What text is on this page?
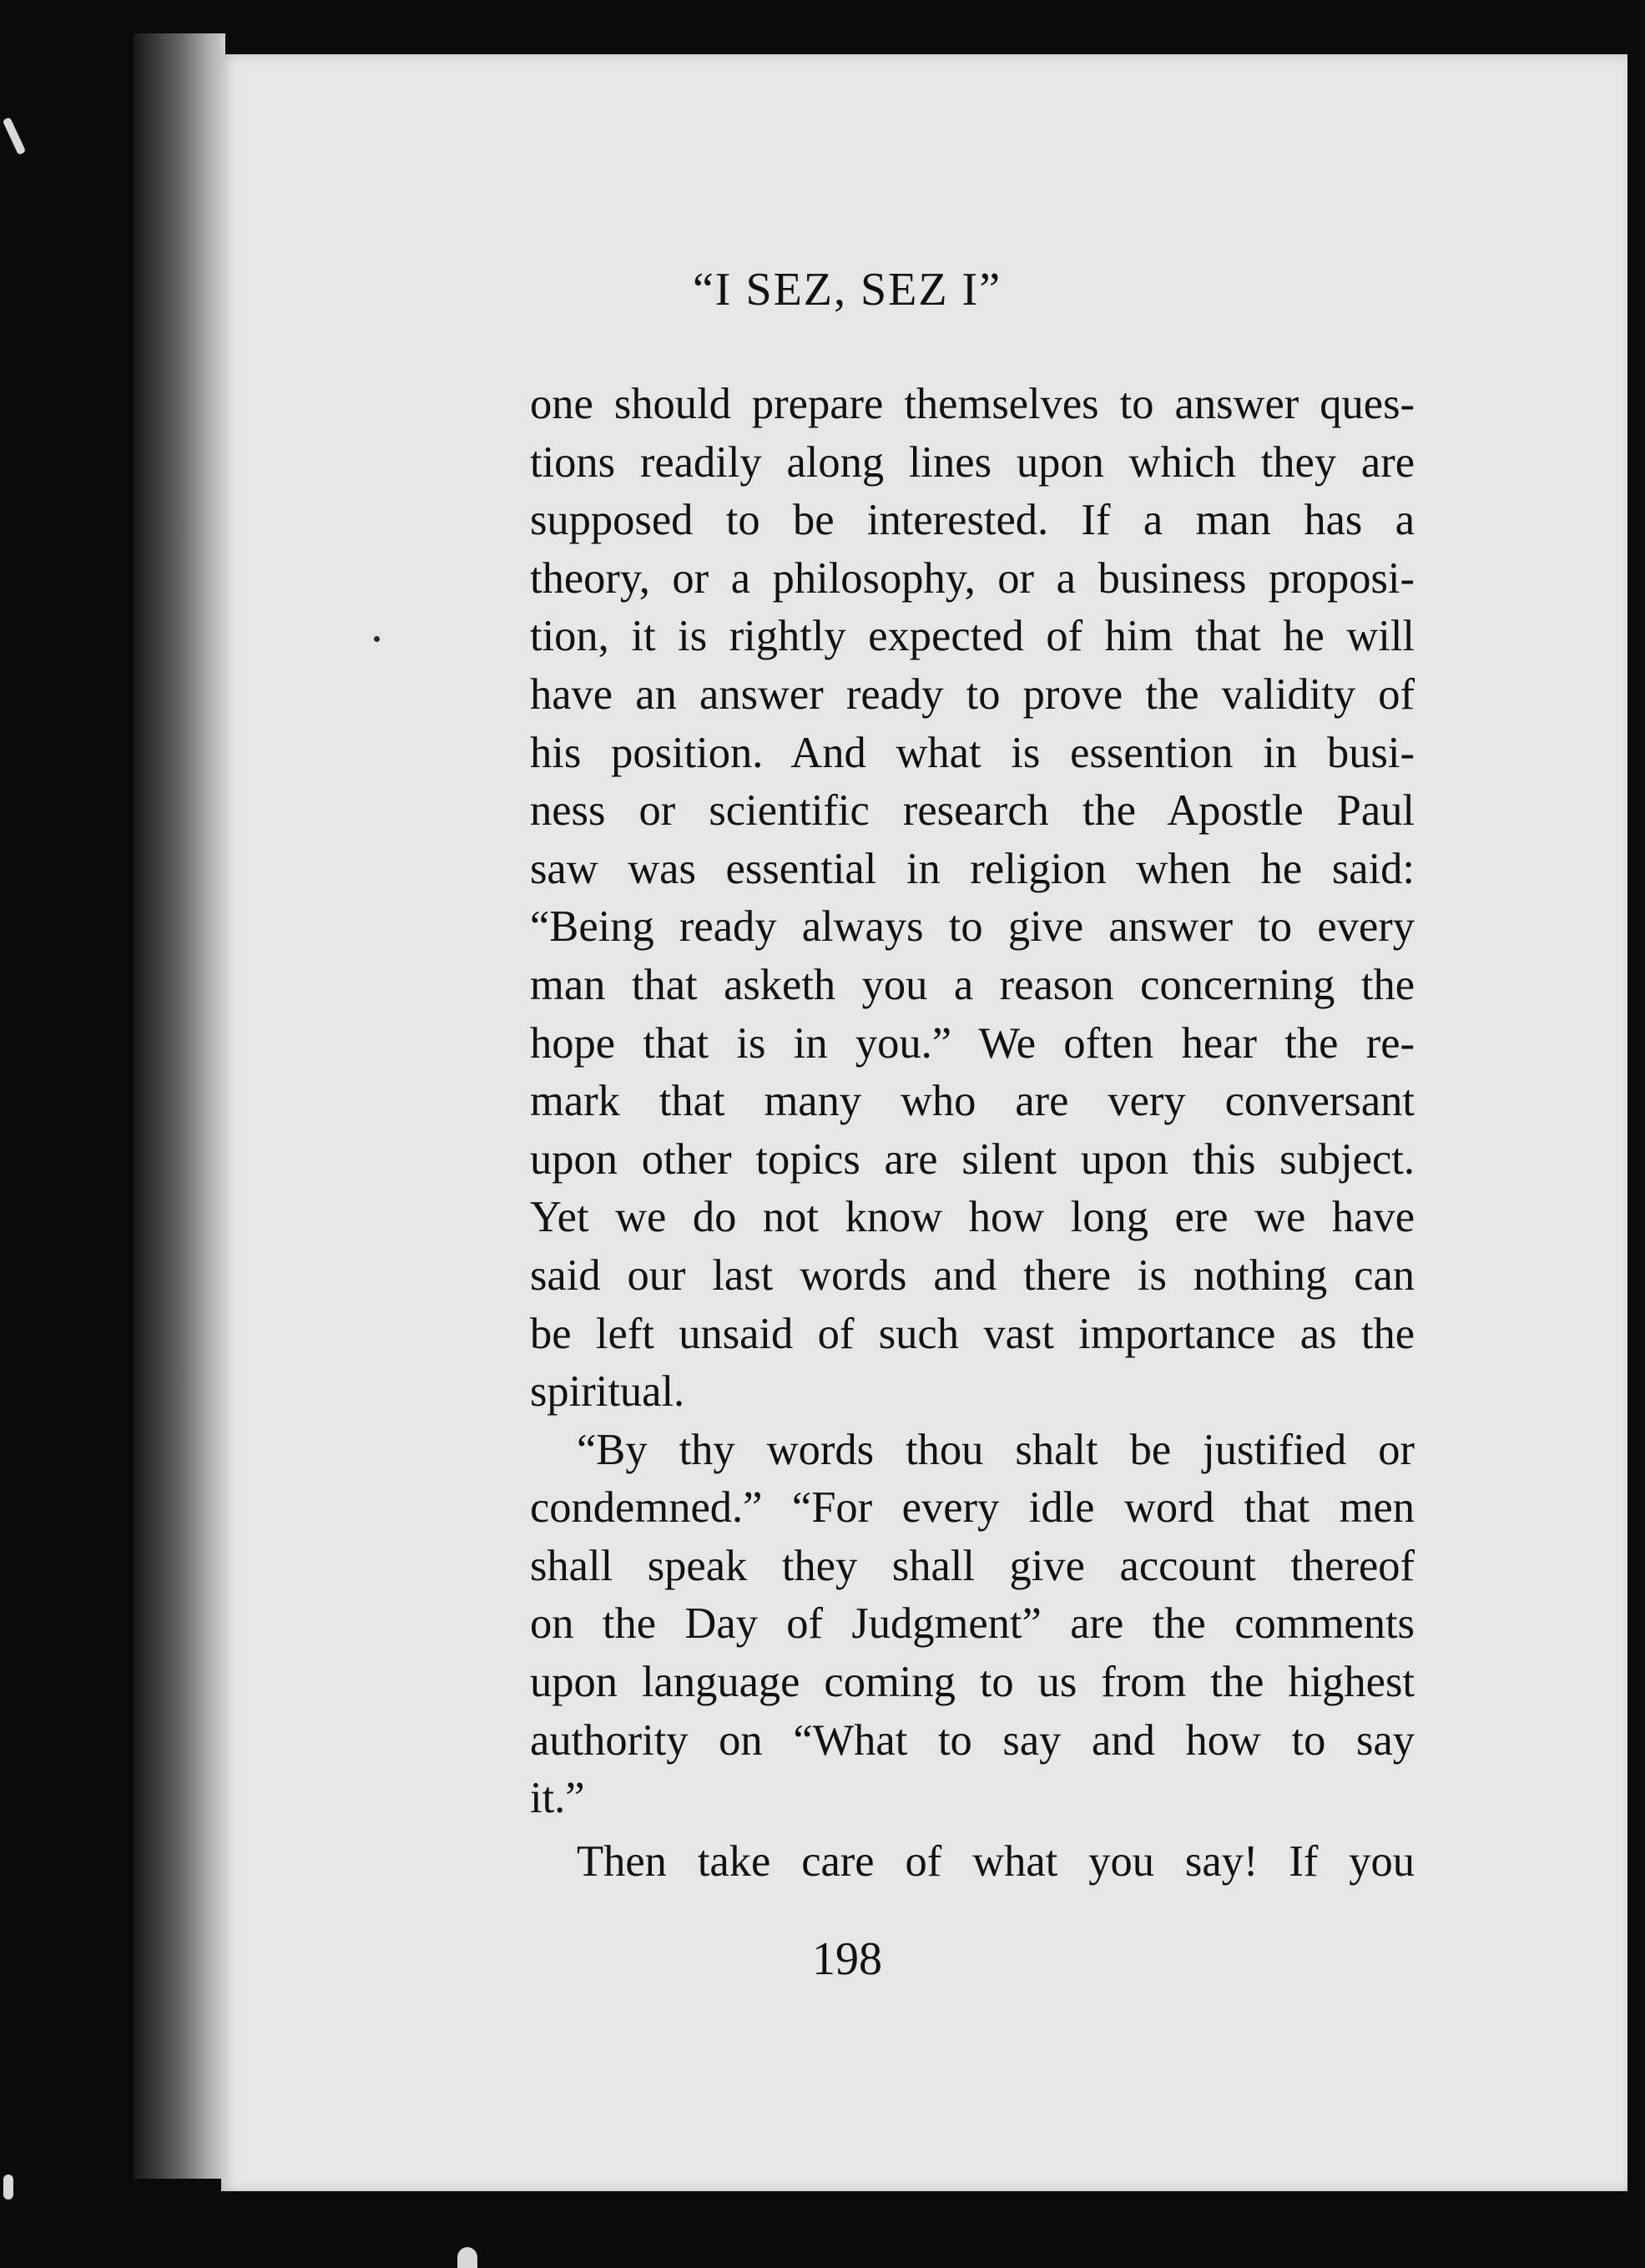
“I SEZ, SEZ I”
one should prepare themselves to answer ques-
tions readily along lines upon which they are
supposed to be interested. If a man has a
theory, or a philosophy, or a business proposi-
tion, it is rightly expected of him that he will
have an answer ready to prove the validity of
his position. And what is essention in busi-
ness or scientific research the Apostle Paul
saw was essential in religion when he said:
“Being ready always to give answer to every
man that asketh you a reason concerning the
hope that is in you.” We often hear the re-
mark that many who are very conversant
upon other topics are silent upon this subject.
Yet we do not know how long ere we have
said our last words and there is nothing can
be left unsaid of such vast importance as the
spiritual.
“By thy words thou shalt be justified or
condemned.” “For every idle word that men
shall speak they shall give account thereof
on the Day of Judgment” are the comments
upon language coming to us from the highest
authority on “What to say and how to say
it.”
Then take care of what you say! If you
198
